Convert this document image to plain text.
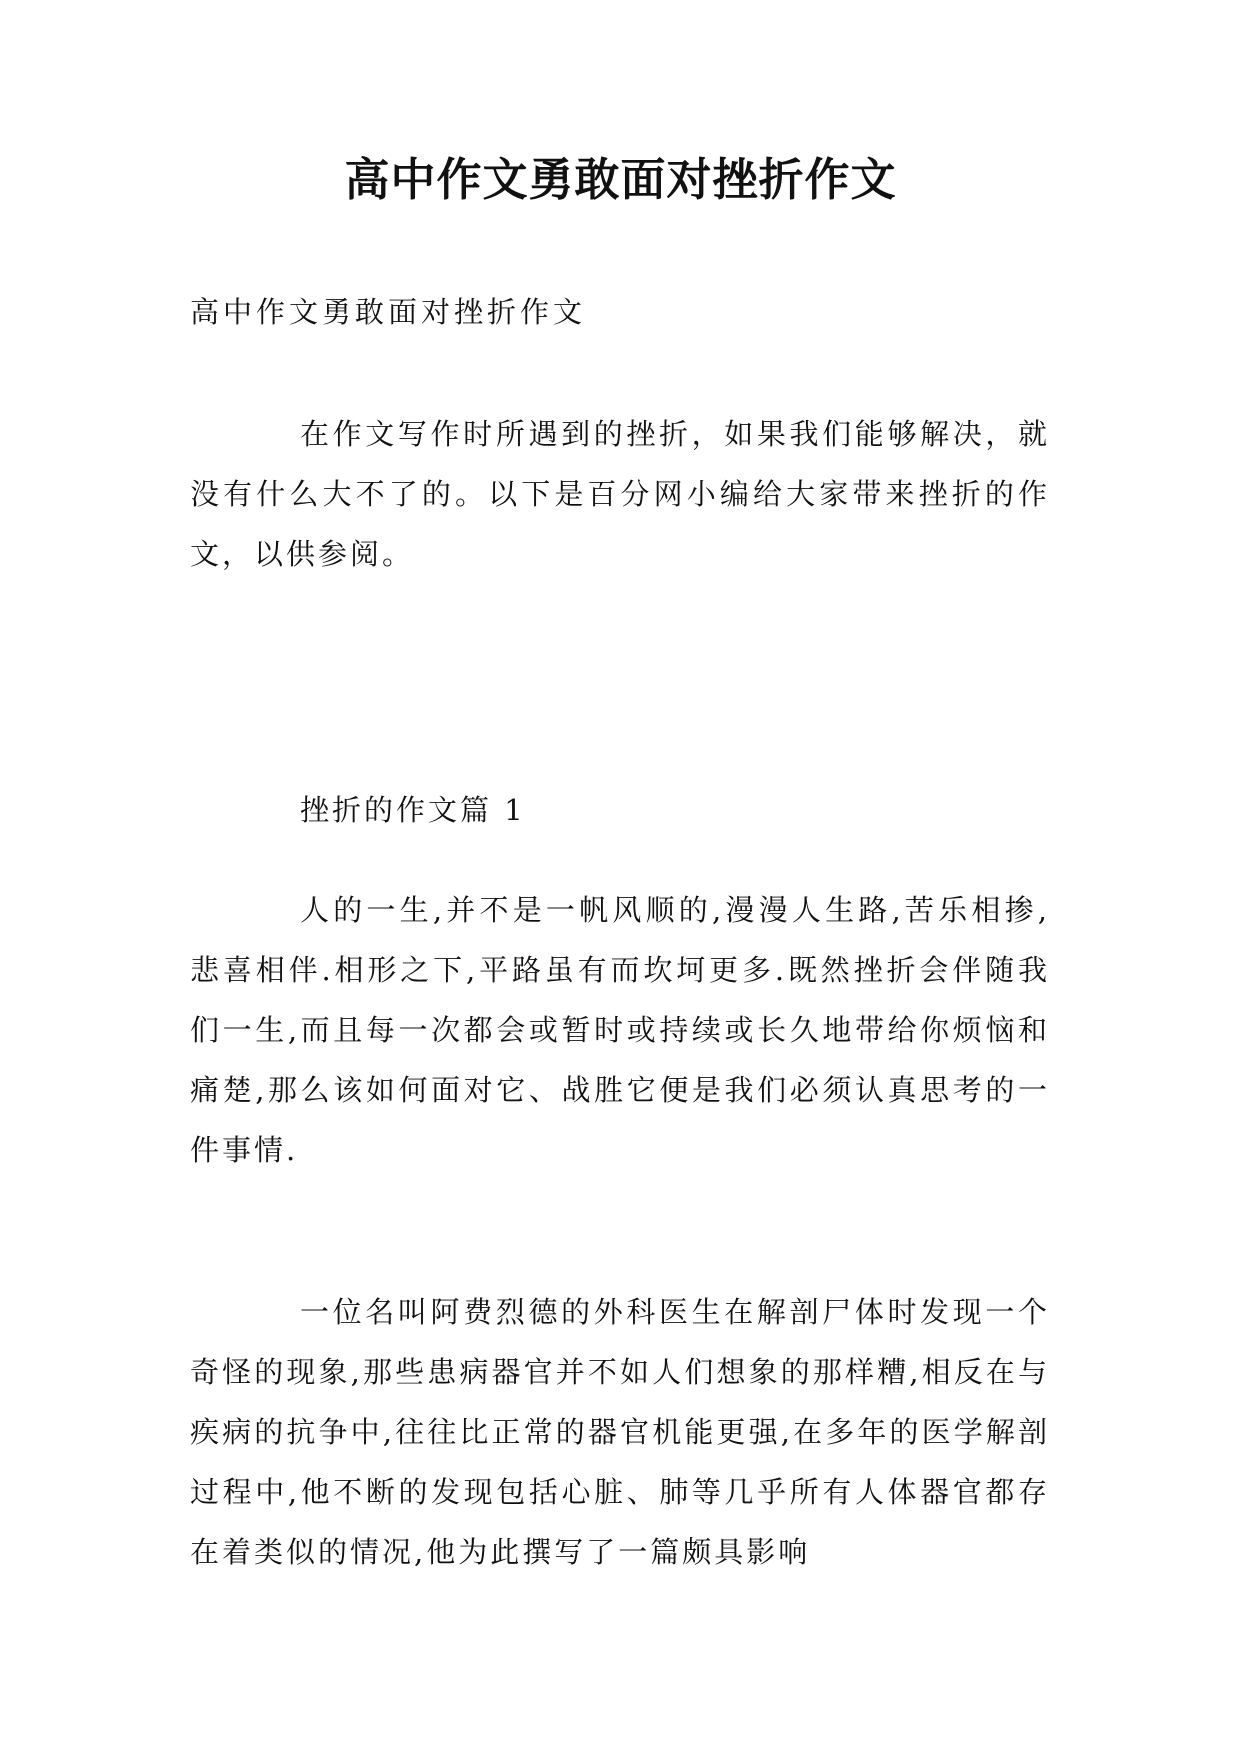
高中作文勇敢面对挫折作文

高中作文勇敢面对挫折作文

在作文写作时所遇到的挫折，如果我们能够解决，就没有什么大不了的。以下是百分网小编给大家带来挫折的作文，以供参阅。

挫折的作文篇 1

人的一生,并不是一帆风顺的,漫漫人生路,苦乐相掺,悲喜相伴.相形之下,平路虽有而坎坷更多.既然挫折会伴随我们一生,而且每一次都会或暂时或持续或长久地带给你烦恼和痛楚,那么该如何面对它、战胜它便是我们必须认真思考的一件事情.

一位名叫阿费烈德的外科医生在解剖尸体时发现一个奇怪的现象,那些患病器官并不如人们想象的那样糟,相反在与疾病的抗争中,往往比正常的器官机能更强,在多年的医学解剖过程中,他不断的发现包括心脏、肺等几乎所有人体器官都存在着类似的情况,他为此撰写了一篇颇具影响
